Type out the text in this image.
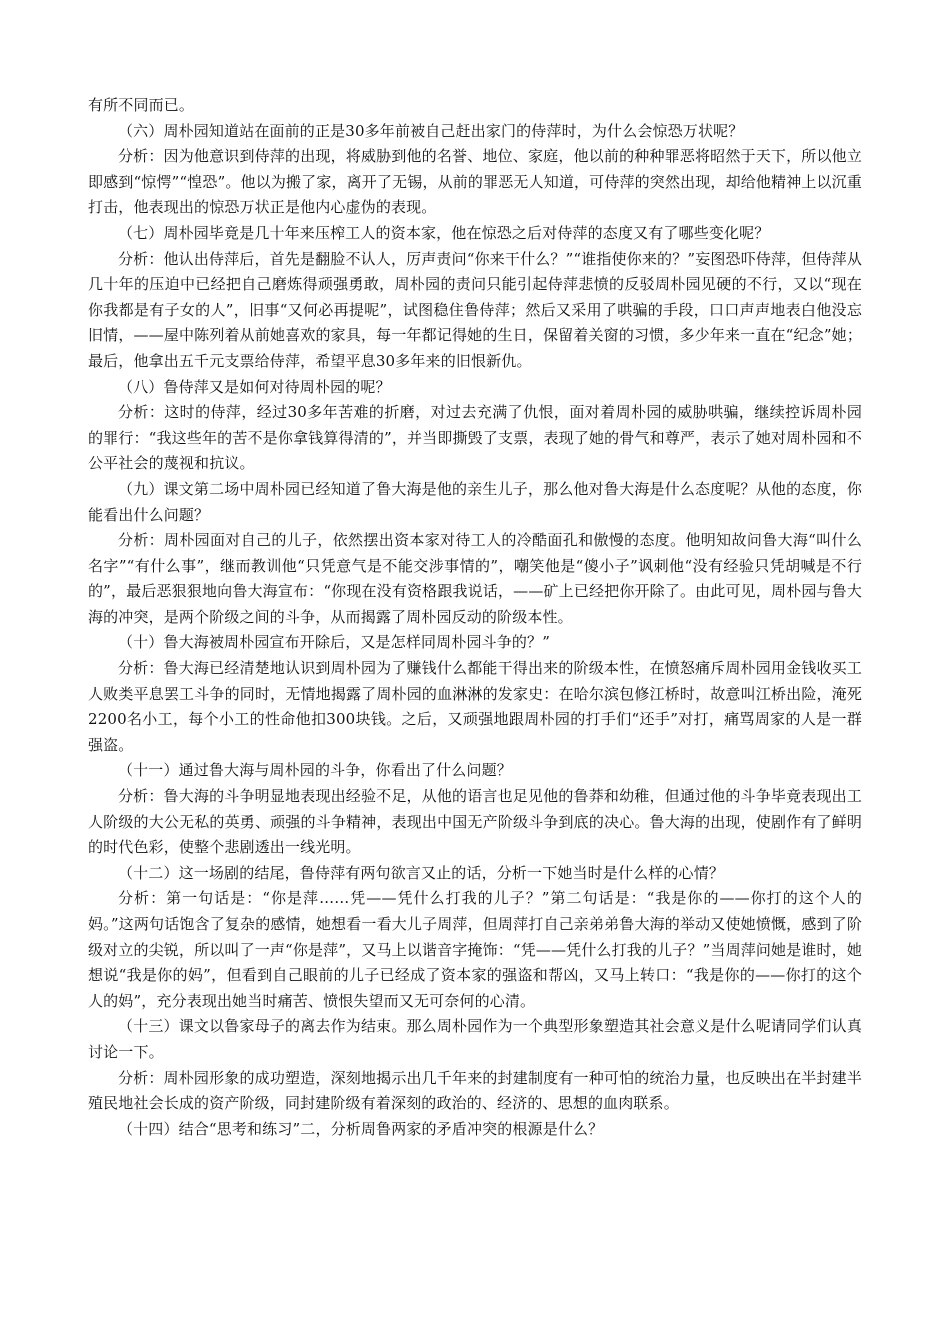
有所不同而已。

（六）周朴园知道站在面前的正是30多年前被自己赶出家门的侍萍时，为什么会惊恐万状呢？

分析：因为他意识到侍萍的出现，将威胁到他的名誉、地位、家庭，他以前的种种罪恶将昭然于天下，所以他立即感到“惊愕”“惶恐”。他以为搬了家，离开了无锡，从前的罪恶无人知道，可侍萍的突然出现，却给他精神上以沉重打击，他表现出的惊恐万状正是他内心虚伪的表现。

（七）周朴园毕竟是几十年来压榨工人的资本家，他在惊恐之后对侍萍的态度又有了哪些变化呢？

分析：他认出侍萍后，首先是翻脸不认人，厉声责问“你来干什么？”“谁指使你来的？”妄图恐吓侍萍，但侍萍从几十年的压迫中已经把自己磨炼得顽强勇敢，周朴园的责问只能引起侍萍悲愤的反驳周朴园见硬的不行，又以“现在你我都是有子女的人”，旧事“又何必再提呢”，试图稳住鲁侍萍；然后又采用了哄骗的手段，口口声声地表白他没忘旧情，——屋中陈列着从前她喜欢的家具，每一年都记得她的生日，保留着关窗的习惯，多少年来一直在“纪念”她；最后，他拿出五千元支票给侍萍，希望平息30多年来的旧恨新仇。

（八）鲁侍萍又是如何对待周朴园的呢？

分析：这时的侍萍，经过30多年苦难的折磨，对过去充满了仇恨，面对着周朴园的威胁哄骗，继续控诉周朴园的罪行：“我这些年的苦不是你拿钱算得清的”，并当即撕毁了支票，表现了她的骨气和尊严，表示了她对周朴园和不公平社会的蔑视和抗议。

（九）课文第二场中周朴园已经知道了鲁大海是他的亲生儿子，那么他对鲁大海是什么态度呢？从他的态度，你能看出什么问题？

分析：周朴园面对自己的儿子，依然摆出资本家对待工人的冷酷面孔和傲慢的态度。他明知故问鲁大海“叫什么名字”“有什么事”，继而教训他“只凭意气是不能交涉事情的”，嘲笑他是“傻小子”讽刺他“没有经验只凭胡喊是不行的”，最后恶狠狠地向鲁大海宣布：“你现在没有资格跟我说话，——矿上已经把你开除了。由此可见，周朴园与鲁大海的冲突，是两个阶级之间的斗争，从而揭露了周朴园反动的阶级本性。

（十）鲁大海被周朴园宣布开除后，又是怎样同周朴园斗争的？”

分析：鲁大海已经清楚地认识到周朴园为了赚钱什么都能干得出来的阶级本性，在愤怒痛斥周朴园用金钱收买工人败类平息罢工斗争的同时，无情地揭露了周朴园的血淋淋的发家史：在哈尔滨包修江桥时，故意叫江桥出险，淹死2200名小工，每个小工的性命他扣300块钱。之后，又顽强地跟周朴园的打手们“还手”对打，痛骂周家的人是一群强盗。

（十一）通过鲁大海与周朴园的斗争，你看出了什么问题？

分析：鲁大海的斗争明显地表现出经验不足，从他的语言也足见他的鲁莽和幼稚，但通过他的斗争毕竟表现出工人阶级的大公无私的英勇、顽强的斗争精神，表现出中国无产阶级斗争到底的决心。鲁大海的出现，使剧作有了鲜明的时代色彩，使整个悲剧透出一线光明。

（十二）这一场剧的结尾，鲁侍萍有两句欲言又止的话，分析一下她当时是什么样的心情？

分析：第一句话是：“你是萍……凭——凭什么打我的儿子？”第二句话是：“我是你的——你打的这个人的妈。”这两句话饱含了复杂的感情，她想看一看大儿子周萍，但周萍打自己亲弟弟鲁大海的举动又使她愤慨，感到了阶级对立的尖锐，所以叫了一声“你是萍”，又马上以谐音字掩饰：“凭——凭什么打我的儿子？”当周萍问她是谁时，她想说“我是你的妈”，但看到自己眼前的儿子已经成了资本家的强盗和帮凶，又马上转口：“我是你的——你打的这个人的妈”，充分表现出她当时痛苦、愤恨失望而又无可奈何的心清。

（十三）课文以鲁家母子的离去作为结束。那么周朴园作为一个典型形象塑造其社会意义是什么呢请同学们认真讨论一下。

分析：周朴园形象的成功塑造，深刻地揭示出几千年来的封建制度有一种可怕的统治力量，也反映出在半封建半殖民地社会长成的资产阶级，同封建阶级有着深刻的政治的、经济的、思想的血肉联系。

（十四）结合“思考和练习”二，分析周鲁两家的矛盾冲突的根源是什么？
